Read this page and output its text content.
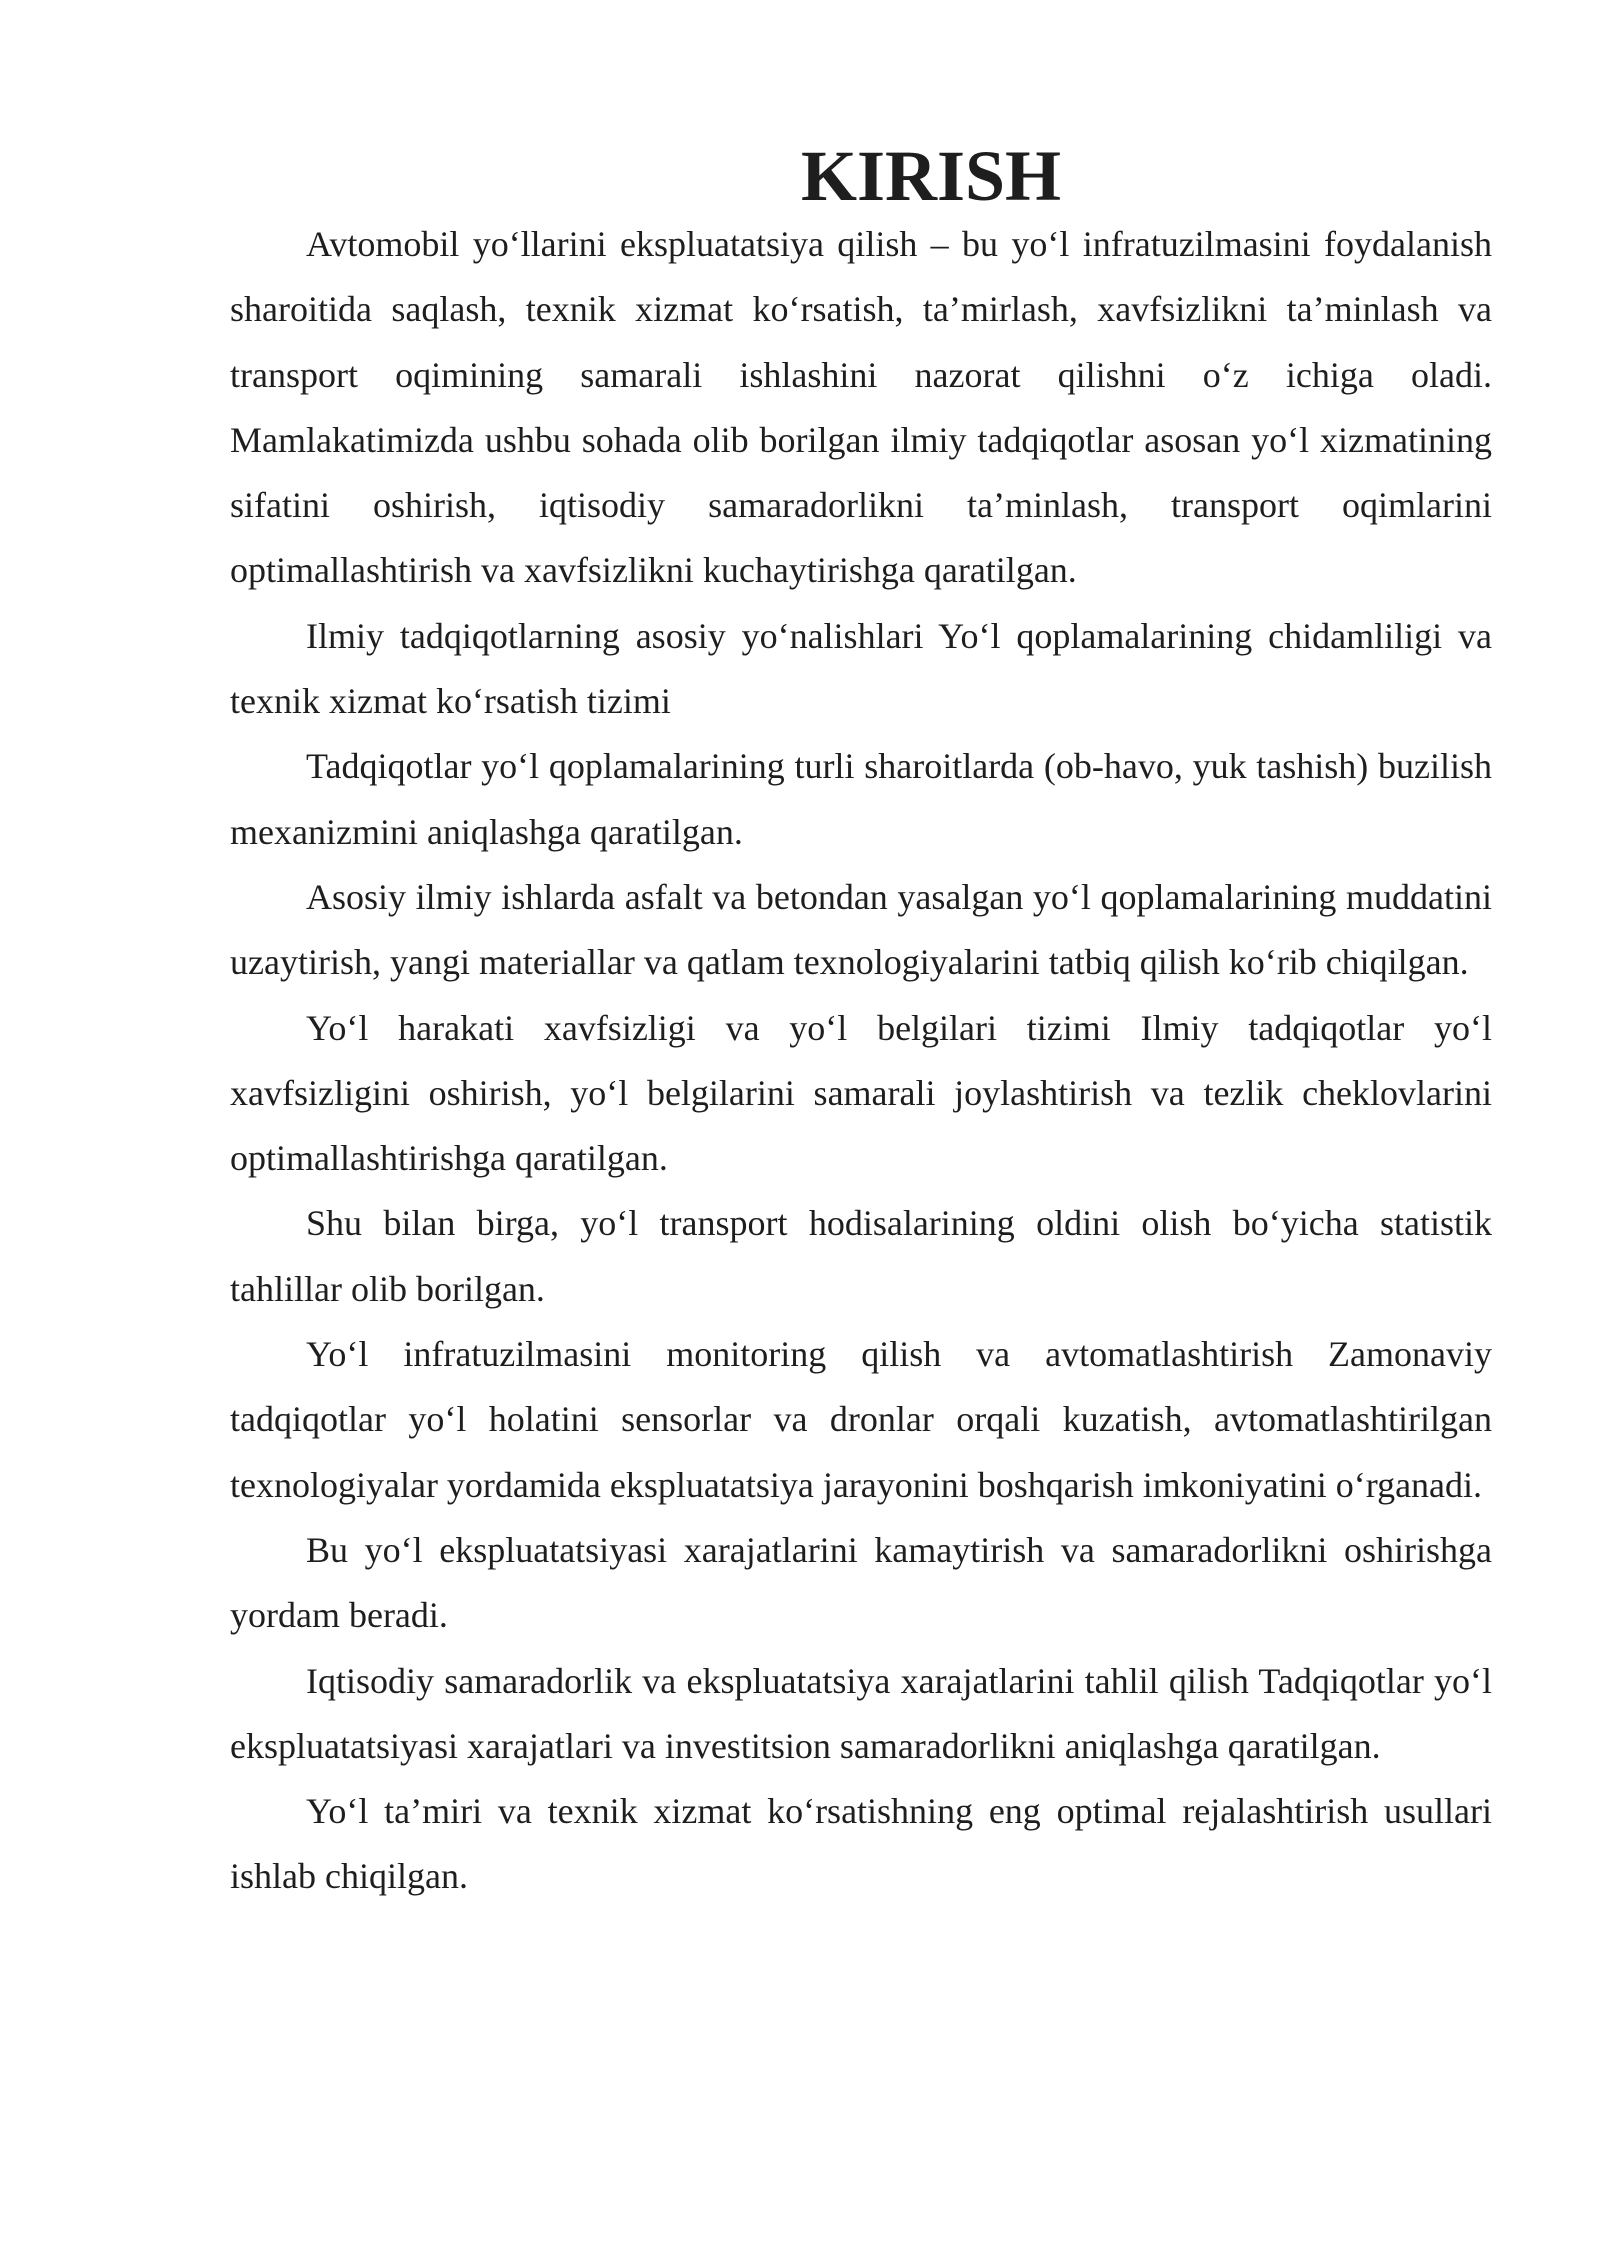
KIRISH

Avtomobil yo‘llarini ekspluatatsiya qilish – bu yo‘l infratuzilmasini foydalanish sharoitida saqlash, texnik xizmat ko‘rsatish, ta’mirlash, xavfsizlikni ta’minlash va transport oqimining samarali ishlashini nazorat qilishni o‘z ichiga oladi. Mamlakatimizda ushbu sohada olib borilgan ilmiy tadqiqotlar asosan yo‘l xizmatining sifatini oshirish, iqtisodiy samaradorlikni ta’minlash, transport oqimlarini optimallashtirish va xavfsizlikni kuchaytirishga qaratilgan.

Ilmiy tadqiqotlarning asosiy yo‘nalishlari Yo‘l qoplamalarining chidamliligi va texnik xizmat ko‘rsatish tizimi

Tadqiqotlar yo‘l qoplamalarining turli sharoitlarda (ob-havo, yuk tashish) buzilish mexanizmini aniqlashga qaratilgan.

Asosiy ilmiy ishlarda asfalt va betondan yasalgan yo‘l qoplamalarining muddatini uzaytirish, yangi materiallar va qatlam texnologiyalarini tatbiq qilish ko‘rib chiqilgan.

Yo‘l harakati xavfsizligi va yo‘l belgilari tizimi Ilmiy tadqiqotlar yo‘l xavfsizligini oshirish, yo‘l belgilarini samarali joylashtirish va tezlik cheklovlarini optimallashtirishga qaratilgan.

Shu bilan birga, yo‘l transport hodisalarining oldini olish bo‘yicha statistik tahlillar olib borilgan.

Yo‘l infratuzilmasini monitoring qilish va avtomatlashtirish Zamonaviy tadqiqotlar yo‘l holatini sensorlar va dronlar orqali kuzatish, avtomatlashtirilgan texnologiyalar yordamida ekspluatatsiya jarayonini boshqarish imkoniyatini o‘rganadi.

Bu yo‘l ekspluatatsiyasi xarajatlarini kamaytirish va samaradorlikni oshirishga yordam beradi.

Iqtisodiy samaradorlik va ekspluatatsiya xarajatlarini tahlil qilish Tadqiqotlar yo‘l ekspluatatsiyasi xarajatlari va investitsion samaradorlikni aniqlashga qaratilgan.

Yo‘l ta’miri va texnik xizmat ko‘rsatishning eng optimal rejalashtirish usullari ishlab chiqilgan.
